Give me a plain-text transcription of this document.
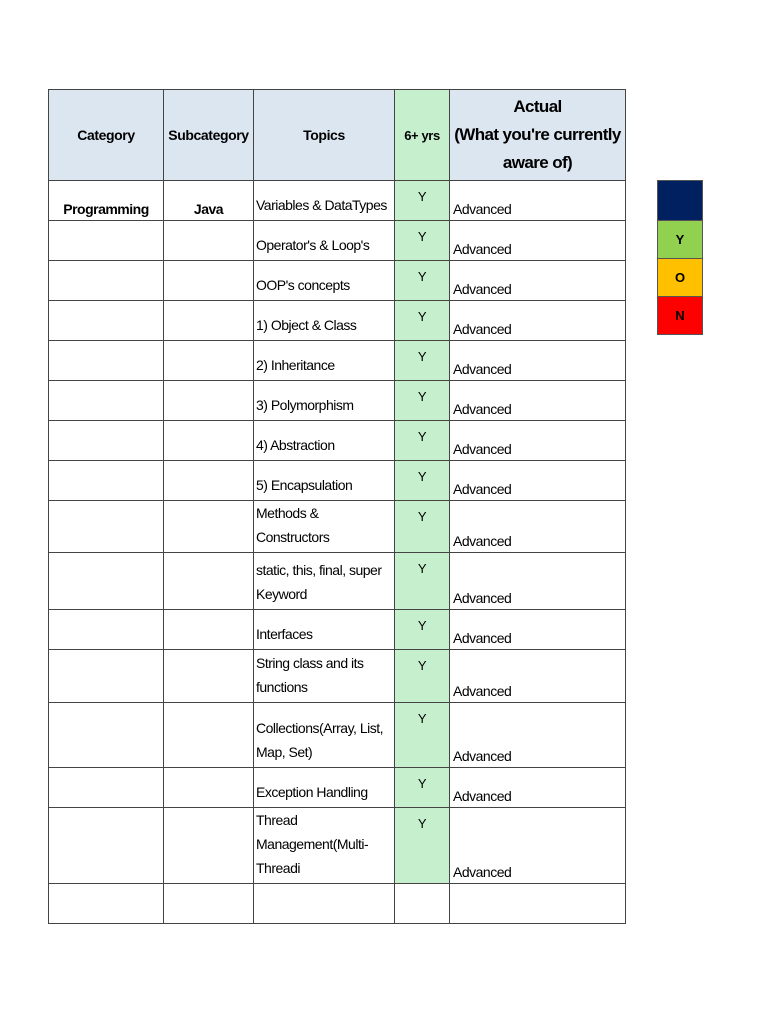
Category	Subcategory	Topics	6+ yrs	Actual
(What you're currently aware of)
Programming	Java	Variables & DataTypes	Y	Advanced
		Operator's & Loop's	Y	Advanced
		OOP's concepts	Y	Advanced
		1) Object & Class	Y	Advanced
		2) Inheritance	Y	Advanced
		3) Polymorphism	Y	Advanced
		4) Abstraction	Y	Advanced
		5) Encapsulation	Y	Advanced
		Methods & Constructors	Y	Advanced
		static, this, final, super Keyword	Y	Advanced
		Interfaces	Y	Advanced
		String class and its functions	Y	Advanced
		Collections(Array, List, Map, Set)	Y	Advanced
		Exception Handling	Y	Advanced
		Thread Management(Multi-Threadi	Y	Advanced

Y
O
N
